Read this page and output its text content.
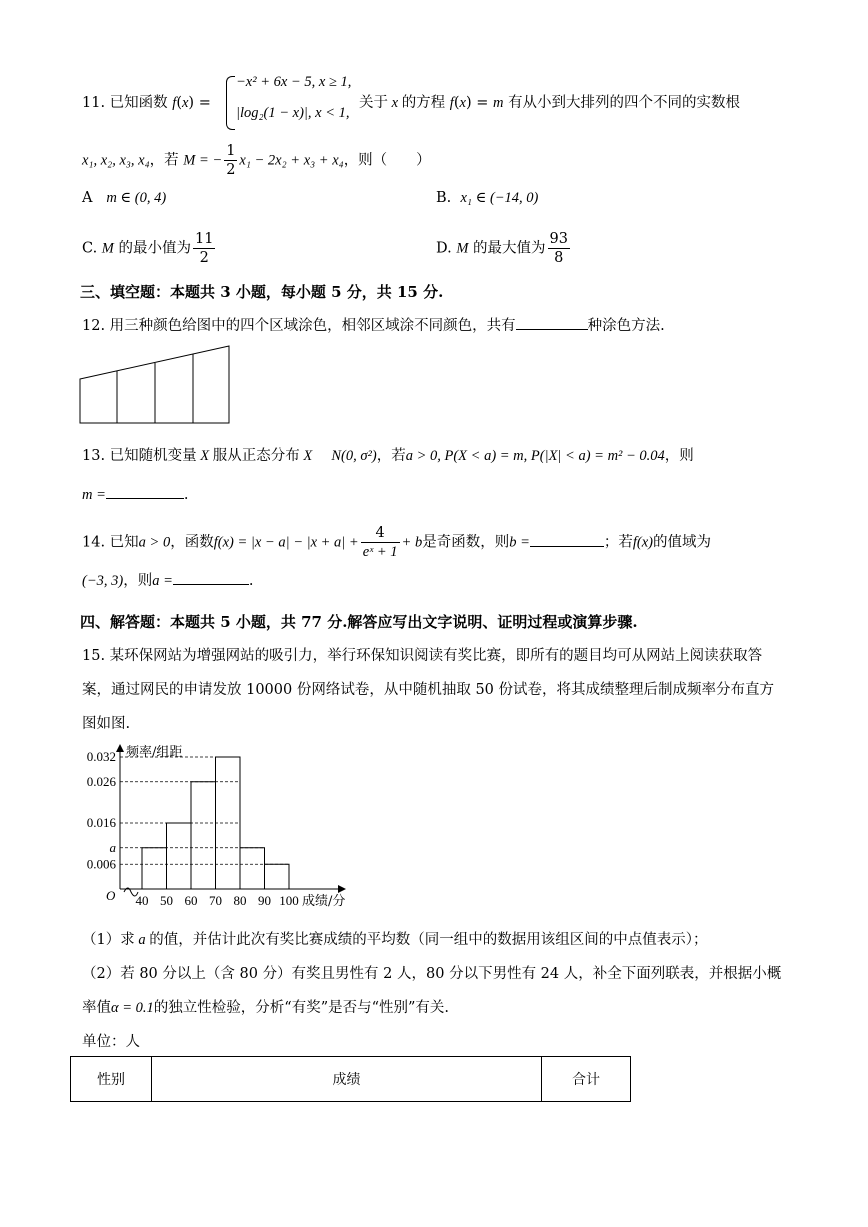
11. 已知函数 f(x) =
−x² + 6x − 5, x ≥ 1,
|log₂(1 − x)|, x < 1,
关于 x 的方程 f(x) = m 有从小到大排列的四个不同的实数根
x₁, x₂, x₃, x₄，若 M = − $\frac{1}{2} x_1 - 2x_2 + x_3 + x_4$，则（　　）
A m ∈ (0, 4)	B. x₁ ∈ (−14, 0)
C. M 的最小值为 $\frac{11}{2}$	D. M 的最大值为 $\frac{93}{8}$
三、填空题：本题共 3 小题，每小题 5 分，共 15 分.
12. 用三种颜色给图中的四个区域涂色，相邻区域涂不同颜色，共有	种涂色方法.
13. 已知随机变量 X 服从正态分布 X     N(0, σ²)，若a > 0, P(X < a) = m, P(|X| < a) = m² − 0.04，则
m =	.
14. 已知a > 0，函数$f(x) = |x - a| - |x + a| + \frac{4}{\text{eˣ + 1}} + b$是奇函数，则b =	；若f(x)的值域为
(−3, 3)，则a =	.
四、解答题：本题共 5 小题，共 77 分.解答应写出文字说明、证明过程或演算步骤.
15. 某环保网站为增强网站的吸引力，举行环保知识阅读有奖比赛，即所有的题目均可从网站上阅读获取答
案，通过网民的申请发放 10000 份网络试卷，从中随机抽取 50 份试卷，将其成绩整理后制成频率分布直方
图如图.
0.032
0.026
0.016
a
0.006
40 50 60 70 80 90 100 成绩/分
频率/组距
O
（1）求 a 的值，并估计此次有奖比赛成绩的平均数（同一组中的数据用该组区间的中点值表示）；
（2）若 80 分以上（含 80 分）有奖且男性有 2 人，80 分以下男性有 24 人，补全下面列联表，并根据小概
率值α = 0.1的独立性检验，分析“有奖”是否与“性别”有关.
单位：人
性别	成绩	合计
